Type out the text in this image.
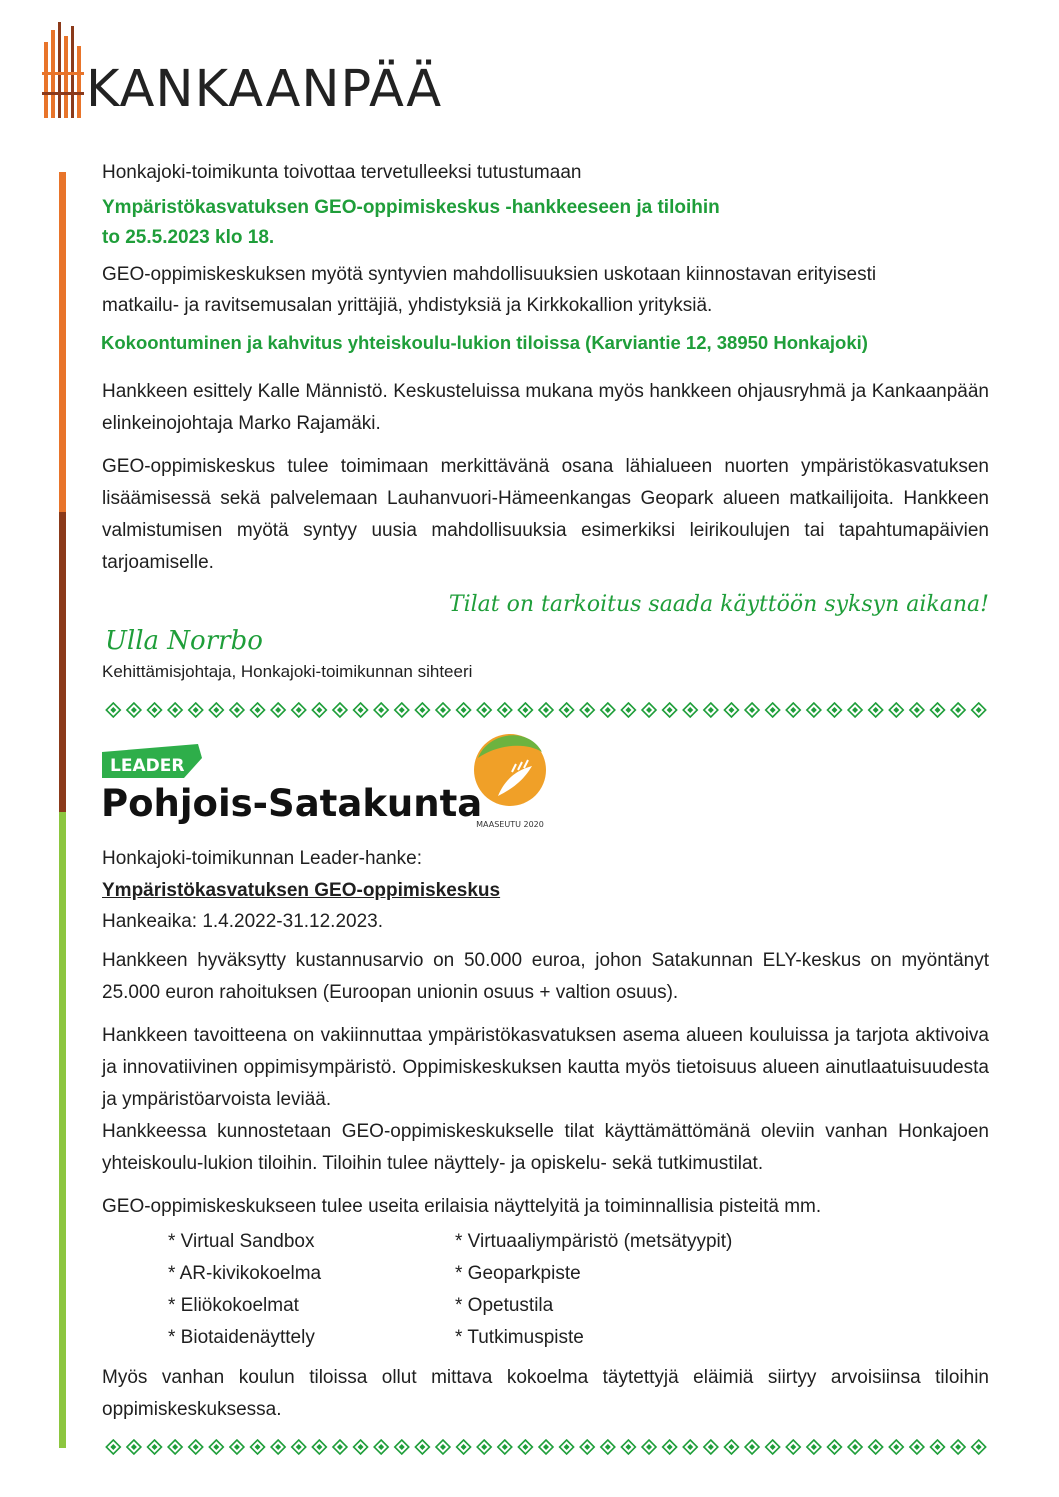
KANKAANPÄÄ
Honkajoki-toimikunta toivottaa tervetulleeksi tutustumaan
Ympäristökasvatuksen GEO-oppimiskeskus -hankkeeseen ja tiloihin
to 25.5.2023 klo 18.
GEO-oppimiskeskuksen myötä syntyvien mahdollisuuksien uskotaan kiinnostavan erityisesti
matkailu- ja ravitsemusalan yrittäjiä, yhdistyksiä ja Kirkkokallion yrityksiä.
Kokoontuminen ja kahvitus yhteiskoulu-lukion tiloissa (Karviantie 12, 38950 Honkajoki)
Hankkeen esittely Kalle Männistö. Keskusteluissa mukana myös hankkeen ohjausryhmä ja Kankaanpään elinkeinojohtaja Marko Rajamäki.
GEO-oppimiskeskus tulee toimimaan merkittävänä osana lähialueen nuorten ympäristökasvatuksen lisäämisessä sekä palvelemaan Lauhanvuori-Hämeenkangas Geopark alueen matkailijoita. Hankkeen valmistumisen myötä syntyy uusia mahdollisuuksia esimerkiksi leirikoulujen tai tapahtumapäivien tarjoamiselle.
Tilat on tarkoitus saada käyttöön syksyn aikana!
Ulla Norrbo
Kehittämisjohtaja, Honkajoki-toimikunnan sihteeri
LEADER
Pohjois-Satakunta
MAASEUTU 2020
Honkajoki-toimikunnan Leader-hanke:
Ympäristökasvatuksen GEO-oppimiskeskus
Hankeaika: 1.4.2022-31.12.2023.
Hankkeen hyväksytty kustannusarvio on 50.000 euroa, johon Satakunnan ELY-keskus on myöntänyt 25.000 euron rahoituksen (Euroopan unionin osuus + valtion osuus).
Hankkeen tavoitteena on vakiinnuttaa ympäristökasvatuksen asema alueen kouluissa ja tarjota aktivoiva ja innovatiivinen oppimisympäristö. Oppimiskeskuksen kautta myös tietoisuus alueen ainutlaatuisuudesta ja ympäristöarvoista leviää.
Hankkeessa kunnostetaan GEO-oppimiskeskukselle tilat käyttämättömänä oleviin vanhan Honkajoen yhteiskoulu-lukion tiloihin. Tiloihin tulee näyttely- ja opiskelu- sekä tutkimustilat.
GEO-oppimiskeskukseen tulee useita erilaisia näyttelyitä ja toiminnallisia pisteitä mm.
* Virtual Sandbox
* AR-kivikokoelma
* Eliökokoelmat
* Biotaidenäyttely
* Virtuaaliympäristö (metsätyypit)
* Geoparkpiste
* Opetustila
* Tutkimuspiste
Myös vanhan koulun tiloissa ollut mittava kokoelma täytettyjä eläimiä siirtyy arvoisiinsa tiloihin oppimiskeskuksessa.
